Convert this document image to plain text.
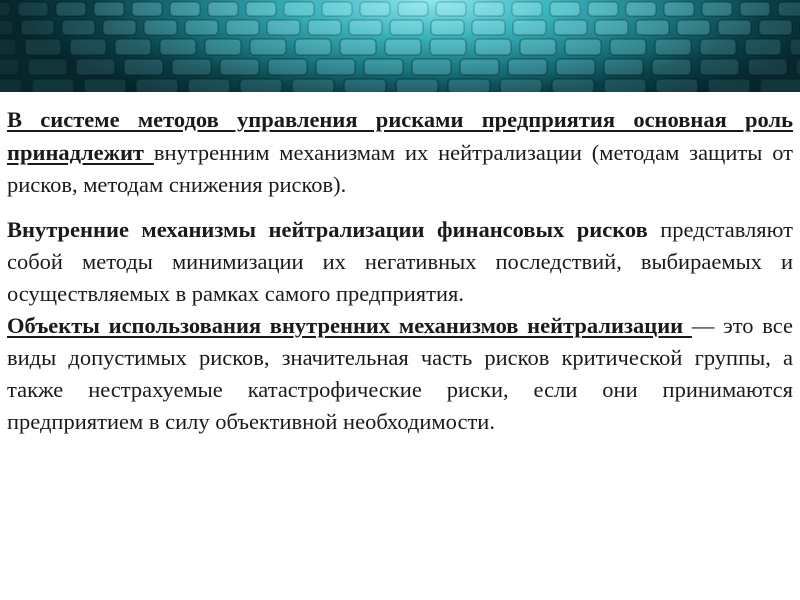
В системе методов управления рисками предприятия основная роль принадлежит внутренним механизмам их нейтрализации (методам защиты от рисков, методам снижения рисков).

Внутренние механизмы нейтрализации финансовых рисков представляют собой методы минимизации их негативных последствий, выбираемых и осуществляемых в рамках самого предприятия.

Объекты использования внутренних механизмов нейтрализации — это все виды допустимых рисков, значительная часть рисков критической группы, а также нестрахуемые катастрофические риски, если они принимаются предприятием в силу объективной необходимости.
